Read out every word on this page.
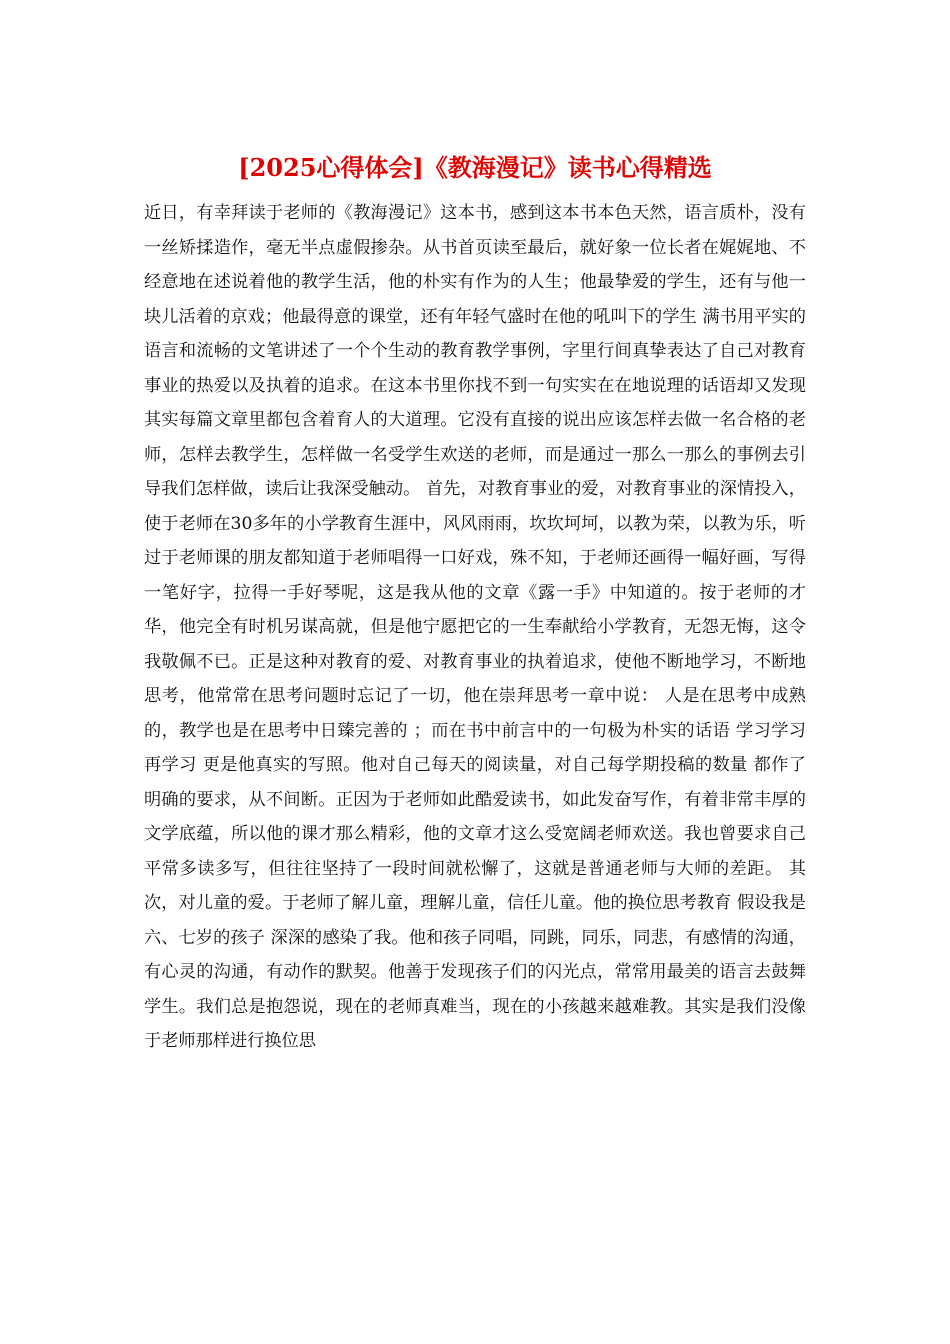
[2025心得体会]《教海漫记》读书心得精选

近日，有幸拜读于老师的《教海漫记》这本书，感到这本书本色天然，语言质朴，没有一丝矫揉造作，毫无半点虚假掺杂。从书首页读至最后，就好象一位长者在娓娓地、不经意地在述说着他的教学生活，他的朴实有作为的人生；他最挚爱的学生，还有与他一块儿活着的京戏；他最得意的课堂，还有年轻气盛时在他的吼叫下的学生 满书用平实的语言和流畅的文笔讲述了一个个生动的教育教学事例，字里行间真挚表达了自己对教育事业的热爱以及执着的追求。在这本书里你找不到一句实实在在地说理的话语却又发现其实每篇文章里都包含着育人的大道理。它没有直接的说出应该怎样去做一名合格的老师，怎样去教学生，怎样做一名受学生欢送的老师，而是通过一那么一那么的事例去引导我们怎样做，读后让我深受触动。 首先，对教育事业的爱，对教育事业的深情投入，使于老师在30多年的小学教育生涯中，风风雨雨，坎坎坷坷，以教为荣，以教为乐，听过于老师课的朋友都知道于老师唱得一口好戏，殊不知，于老师还画得一幅好画，写得一笔好字，拉得一手好琴呢，这是我从他的文章《露一手》中知道的。按于老师的才华，他完全有时机另谋高就，但是他宁愿把它的一生奉献给小学教育，无怨无悔，这令我敬佩不已。正是这种对教育的爱、对教育事业的执着追求，使他不断地学习，不断地思考，他常常在思考问题时忘记了一切，他在崇拜思考一章中说： 人是在思考中成熟的，教学也是在思考中日臻完善的 ；而在书中前言中的一句极为朴实的话语 学习学习再学习 更是他真实的写照。他对自己每天的阅读量，对自己每学期投稿的数量 都作了明确的要求，从不间断。正因为于老师如此酷爱读书，如此发奋写作，有着非常丰厚的文学底蕴，所以他的课才那么精彩，他的文章才这么受宽阔老师欢送。我也曾要求自己平常多读多写，但往往坚持了一段时间就松懈了，这就是普通老师与大师的差距。 其次，对儿童的爱。于老师了解儿童，理解儿童，信任儿童。他的换位思考教育 假设我是六、七岁的孩子 深深的感染了我。他和孩子同唱，同跳，同乐，同悲，有感情的沟通，有心灵的沟通，有动作的默契。他善于发现孩子们的闪光点，常常用最美的语言去鼓舞学生。我们总是抱怨说，现在的老师真难当，现在的小孩越来越难教。其实是我们没像于老师那样进行换位思
